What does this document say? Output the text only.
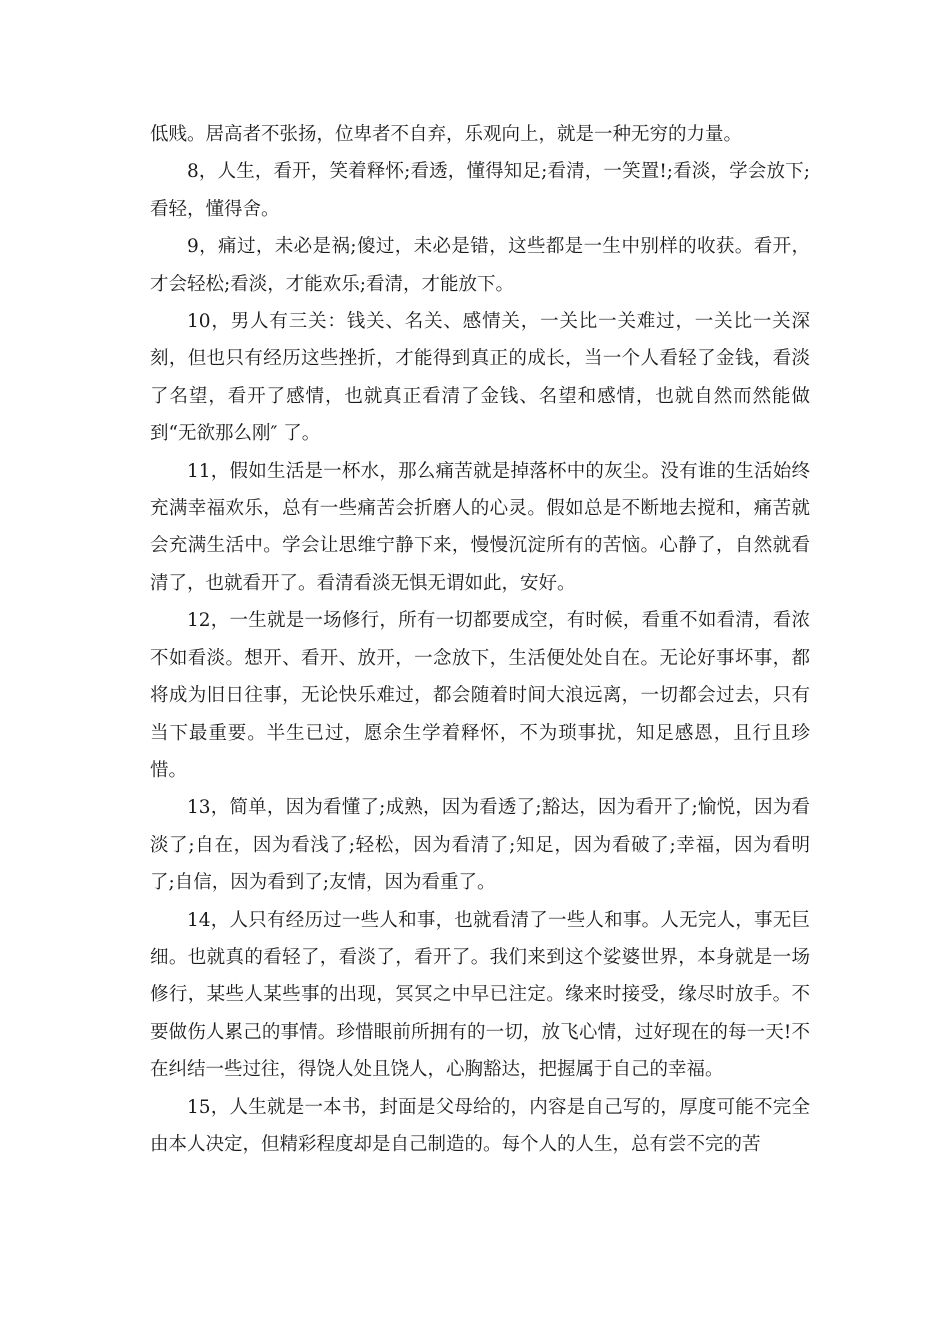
低贱。居高者不张扬，位卑者不自弃，乐观向上，就是一种无穷的力量。

8，人生，看开，笑着释怀;看透，懂得知足;看清，一笑置!;看淡，学会放下;看轻，懂得舍。

9，痛过，未必是祸;傻过，未必是错，这些都是一生中别样的收获。看开，才会轻松;看淡，才能欢乐;看清，才能放下。

10，男人有三关：钱关、名关、感情关，一关比一关难过，一关比一关深刻，但也只有经历这些挫折，才能得到真正的成长，当一个人看轻了金钱，看淡了名望，看开了感情，也就真正看清了金钱、名望和感情，也就自然而然能做到“无欲那么刚″ 了。

11，假如生活是一杯水，那么痛苦就是掉落杯中的灰尘。没有谁的生活始终充满幸福欢乐，总有一些痛苦会折磨人的心灵。假如总是不断地去搅和，痛苦就会充满生活中。学会让思维宁静下来，慢慢沉淀所有的苦恼。心静了，自然就看清了，也就看开了。看清看淡无惧无谓如此，安好。

12，一生就是一场修行，所有一切都要成空，有时候，看重不如看清，看浓不如看淡。想开、看开、放开，一念放下，生活便处处自在。无论好事坏事，都将成为旧日往事，无论快乐难过，都会随着时间大浪远离，一切都会过去，只有当下最重要。半生已过，愿余生学着释怀，不为琐事扰，知足感恩，且行且珍惜。

13，简单，因为看懂了;成熟，因为看透了;豁达，因为看开了;愉悦，因为看淡了;自在，因为看浅了;轻松，因为看清了;知足，因为看破了;幸福，因为看明了;自信，因为看到了;友情，因为看重了。

14，人只有经历过一些人和事，也就看清了一些人和事。人无完人，事无巨细。也就真的看轻了，看淡了，看开了。我们来到这个娑婆世界，本身就是一场修行，某些人某些事的出现，冥冥之中早已注定。缘来时接受，缘尽时放手。不要做伤人累己的事情。珍惜眼前所拥有的一切，放飞心情，过好现在的每一天!不在纠结一些过往，得饶人处且饶人，心胸豁达，把握属于自己的幸福。

15，人生就是一本书，封面是父母给的，内容是自己写的，厚度可能不完全由本人决定，但精彩程度却是自己制造的。每个人的人生，总有尝不完的苦
